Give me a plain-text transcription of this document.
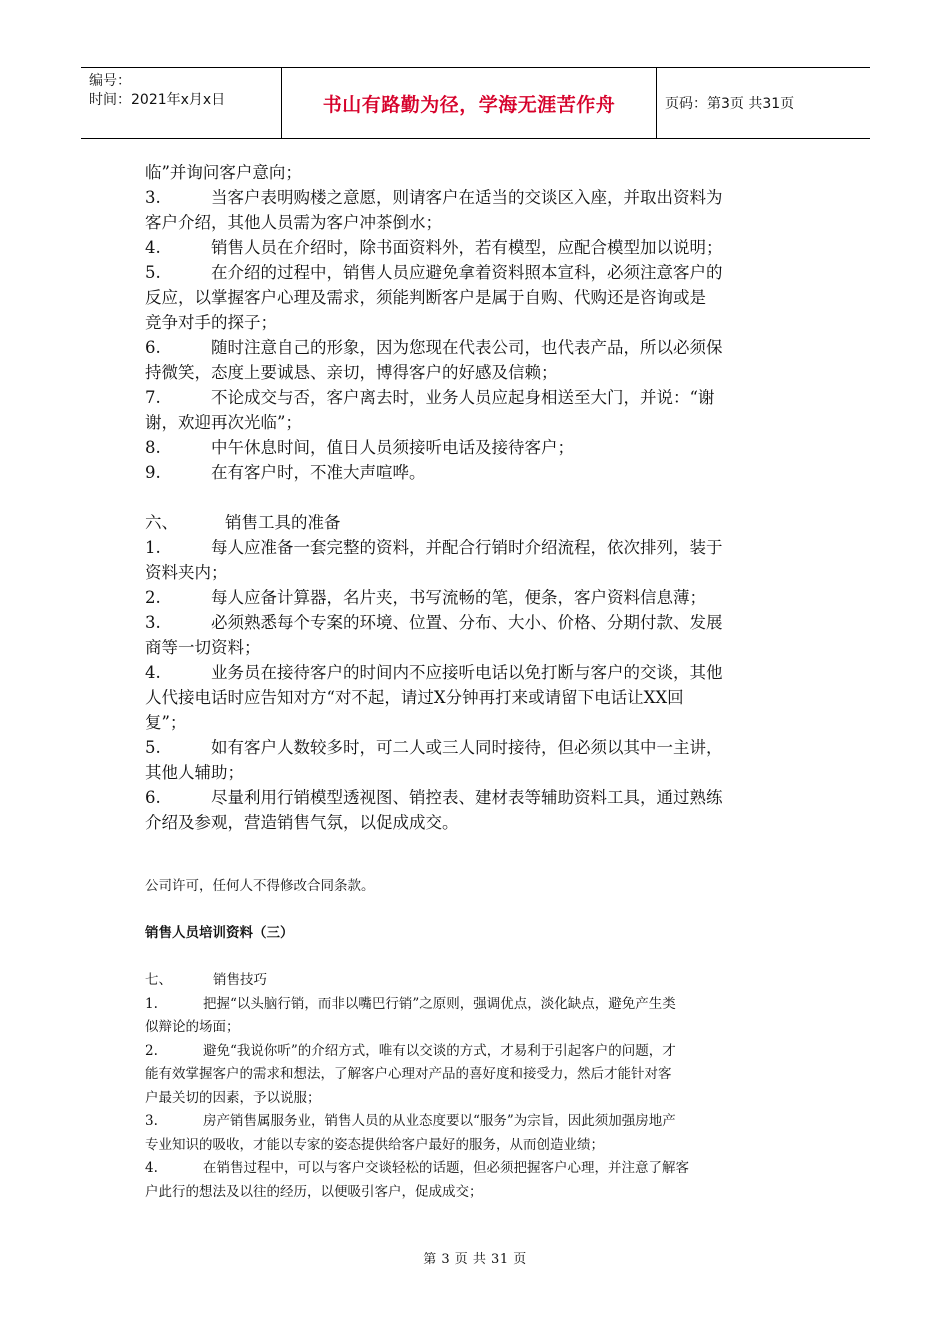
编号：
时间：2021年x月x日	书山有路勤为径，学海无涯苦作舟	页码：第3页 共31页

临”并询问客户意向；

3.	当客户表明购楼之意愿，则请客户在适当的交谈区入座，并取出资料为

客户介绍，其他人员需为客户冲茶倒水；

4.	销售人员在介绍时，除书面资料外，若有模型，应配合模型加以说明；

5.	在介绍的过程中，销售人员应避免拿着资料照本宣科，必须注意客户的

反应，以掌握客户心理及需求，须能判断客户是属于自购、代购还是咨询或是

竞争对手的探子；

6.	随时注意自己的形象，因为您现在代表公司，也代表产品，所以必须保

持微笑，态度上要诚恳、亲切，博得客户的好感及信赖；

7.	不论成交与否，客户离去时，业务人员应起身相送至大门，并说：“谢

谢，欢迎再次光临”；

8.	中午休息时间，值日人员须接听电话及接待客户；

9.	在有客户时，不准大声喧哗。

六、	销售工具的准备

1.	每人应准备一套完整的资料，并配合行销时介绍流程，依次排列，装于

资料夹内；

2.	每人应备计算器，名片夹，书写流畅的笔，便条，客户资料信息薄；

3.	必须熟悉每个专案的环境、位置、分布、大小、价格、分期付款、发展

商等一切资料；

4.	业务员在接待客户的时间内不应接听电话以免打断与客户的交谈，其他

人代接电话时应告知对方“对不起，请过X分钟再打来或请留下电话让XX回

复”；

5.	如有客户人数较多时，可二人或三人同时接待，但必须以其中一主讲，

其他人辅助；

6.	尽量利用行销模型透视图、销控表、建材表等辅助资料工具，通过熟练

介绍及参观，营造销售气氛，以促成成交。

公司许可，任何人不得修改合同条款。

销售人员培训资料（三）

七、	销售技巧

1.	把握“以头脑行销，而非以嘴巴行销”之原则，强调优点，淡化缺点，避免产生类

似辩论的场面；

2.	避免“我说你听”的介绍方式，唯有以交谈的方式，才易利于引起客户的问题，才

能有效掌握客户的需求和想法，了解客户心理对产品的喜好度和接受力，然后才能针对客

户最关切的因素，予以说服；

3.	房产销售属服务业，销售人员的从业态度要以“服务”为宗旨，因此须加强房地产

专业知识的吸收，才能以专家的姿态提供给客户最好的服务，从而创造业绩；

4.	在销售过程中，可以与客户交谈轻松的话题，但必须把握客户心理，并注意了解客

户此行的想法及以往的经历，以便吸引客户，促成成交；

第 3 页 共 31 页
